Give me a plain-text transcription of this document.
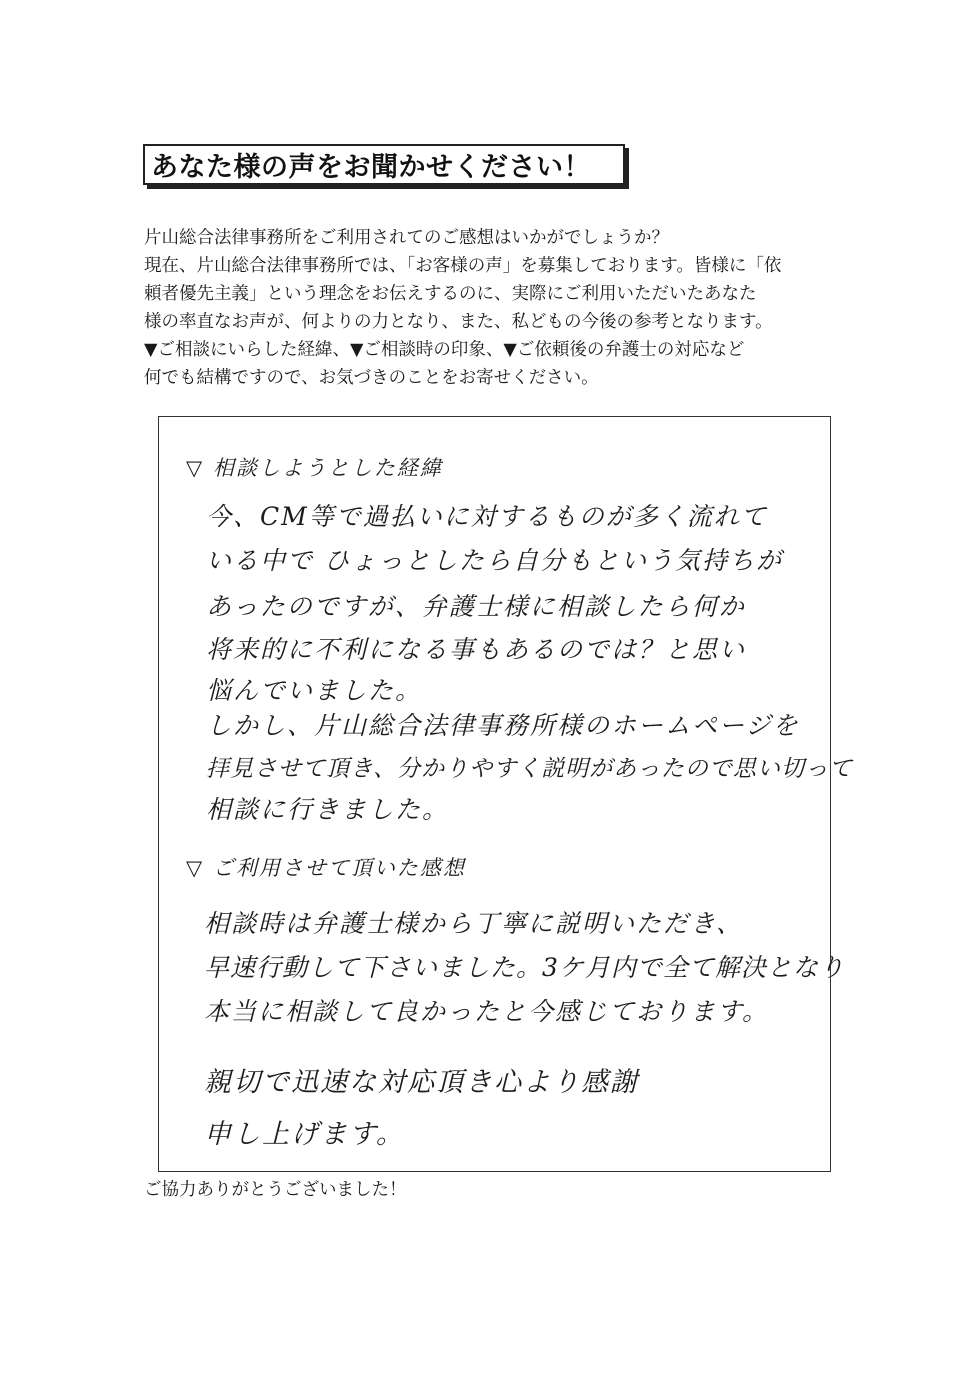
あなた様の声をお聞かせください！
片山総合法律事務所をご利用されてのご感想はいかがでしょうか？
現在、片山総合法律事務所では、「お客様の声」を募集しております。皆様に「依
頼者優先主義」という理念をお伝えするのに、実際にご利用いただいたあなた
様の率直なお声が、何よりの力となり、また、私どもの今後の参考となります。
▼ご相談にいらした経緯、▼ご相談時の印象、▼ご依頼後の弁護士の対応など
何でも結構ですので、お気づきのことをお寄せください。
▽ 相談しようとした経緯
今、CM等で過払いに対するものが多く流れて
いる中で ひょっとしたら自分もという気持ちが
あったのですが、弁護士様に相談したら何か
将来的に不利になる事もあるのでは？と思い
悩んでいました。
しかし、片山総合法律事務所様のホームページを
拝見させて頂き、分かりやすく説明があったので思い切って
相談に行きました。
▽ ご利用させて頂いた感想
相談時は弁護士様から丁寧に説明いただき、
早速行動して下さいました。3ケ月内で全て解決となり
本当に相談して良かったと今感じております。
親切で迅速な対応頂き心より感謝
申し上げます。
ご協力ありがとうございました！
